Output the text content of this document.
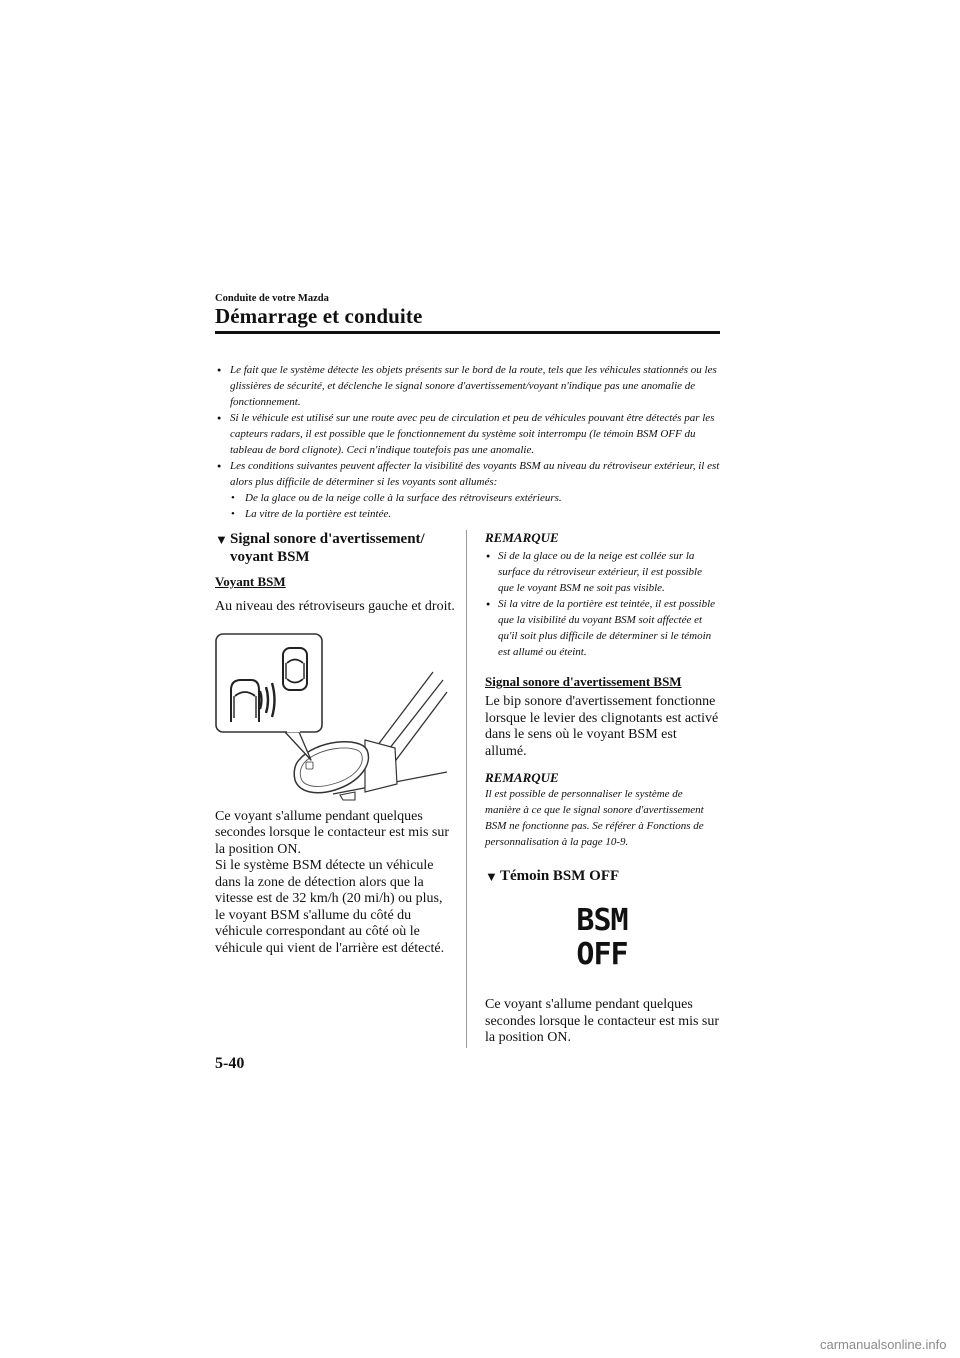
Conduite de votre Mazda
Démarrage et conduite
● Le fait que le système détecte les objets présents sur le bord de la route, tels que les véhicules stationnés ou les glissières de sécurité, et déclenche le signal sonore d'avertissement/voyant n'indique pas une anomalie de fonctionnement.
● Si le véhicule est utilisé sur une route avec peu de circulation et peu de véhicules pouvant être détectés par les capteurs radars, il est possible que le fonctionnement du système soit interrompu (le témoin BSM OFF du tableau de bord clignote). Ceci n'indique toutefois pas une anomalie.
● Les conditions suivantes peuvent affecter la visibilité des voyants BSM au niveau du rétroviseur extérieur, il est alors plus difficile de déterminer si les voyants sont allumés:
• De la glace ou de la neige colle à la surface des rétroviseurs extérieurs.
• La vitre de la portière est teintée.
▼ Signal sonore d'avertissement/ voyant BSM
Voyant BSM
Au niveau des rétroviseurs gauche et droit.
Ce voyant s'allume pendant quelques secondes lorsque le contacteur est mis sur la position ON.
Si le système BSM détecte un véhicule dans la zone de détection alors que la vitesse est de 32 km/h (20 mi/h) ou plus, le voyant BSM s'allume du côté du véhicule correspondant au côté où le véhicule qui vient de l'arrière est détecté.
REMARQUE
● Si de la glace ou de la neige est collée sur la surface du rétroviseur extérieur, il est possible que le voyant BSM ne soit pas visible.
● Si la vitre de la portière est teintée, il est possible que la visibilité du voyant BSM soit affectée et qu'il soit plus difficile de déterminer si le témoin est allumé ou éteint.
Signal sonore d'avertissement BSM
Le bip sonore d'avertissement fonctionne lorsque le levier des clignotants est activé dans le sens où le voyant BSM est allumé.
REMARQUE
Il est possible de personnaliser le système de manière à ce que le signal sonore d'avertissement BSM ne fonctionne pas. Se référer à Fonctions de personnalisation à la page 10-9.
▼ Témoin BSM OFF
Ce voyant s'allume pendant quelques secondes lorsque le contacteur est mis sur la position ON.
BSM
OFF
5-40
carmanualsonline.info
